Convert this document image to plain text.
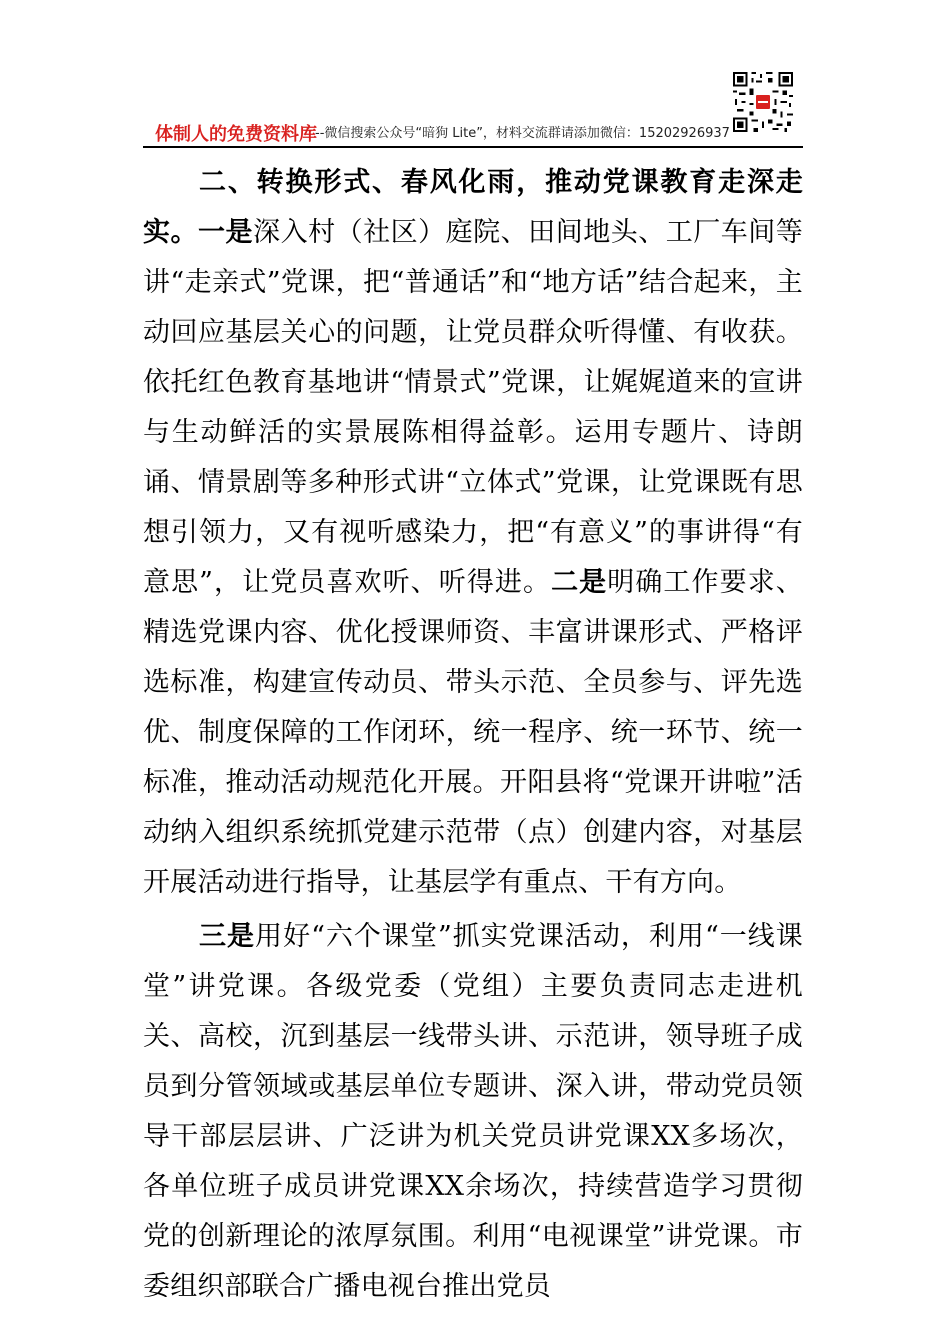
体制人的免费资料库
--微信搜索公众号“暗狗 Lite”，材料交流群请添加微信：15202926937

二、转换形式、春风化雨，推动党课教育走深走实。一是深入村（社区）庭院、田间地头、工厂车间等讲“走亲式”党课，把“普通话”和“地方话”结合起来，主动回应基层关心的问题，让党员群众听得懂、有收获。依托红色教育基地讲“情景式”党课，让娓娓道来的宣讲与生动鲜活的实景展陈相得益彰。运用专题片、诗朗诵、情景剧等多种形式讲“立体式”党课，让党课既有思想引领力，又有视听感染力，把“有意义”的事讲得“有意思”，让党员喜欢听、听得进。二是明确工作要求、精选党课内容、优化授课师资、丰富讲课形式、严格评选标准，构建宣传动员、带头示范、全员参与、评先选优、制度保障的工作闭环，统一程序、统一环节、统一标准，推动活动规范化开展。开阳县将“党课开讲啦”活动纳入组织系统抓党建示范带（点）创建内容，对基层开展活动进行指导，让基层学有重点、干有方向。

三是用好“六个课堂”抓实党课活动，利用“一线课堂”讲党课。各级党委（党组）主要负责同志走进机关、高校，沉到基层一线带头讲、示范讲，领导班子成员到分管领域或基层单位专题讲、深入讲，带动党员领导干部层层讲、广泛讲为机关党员讲党课XX多场次，各单位班子成员讲党课XX余场次，持续营造学习贯彻党的创新理论的浓厚氛围。利用“电视课堂”讲党课。市委组织部联合广播电视台推出党员
